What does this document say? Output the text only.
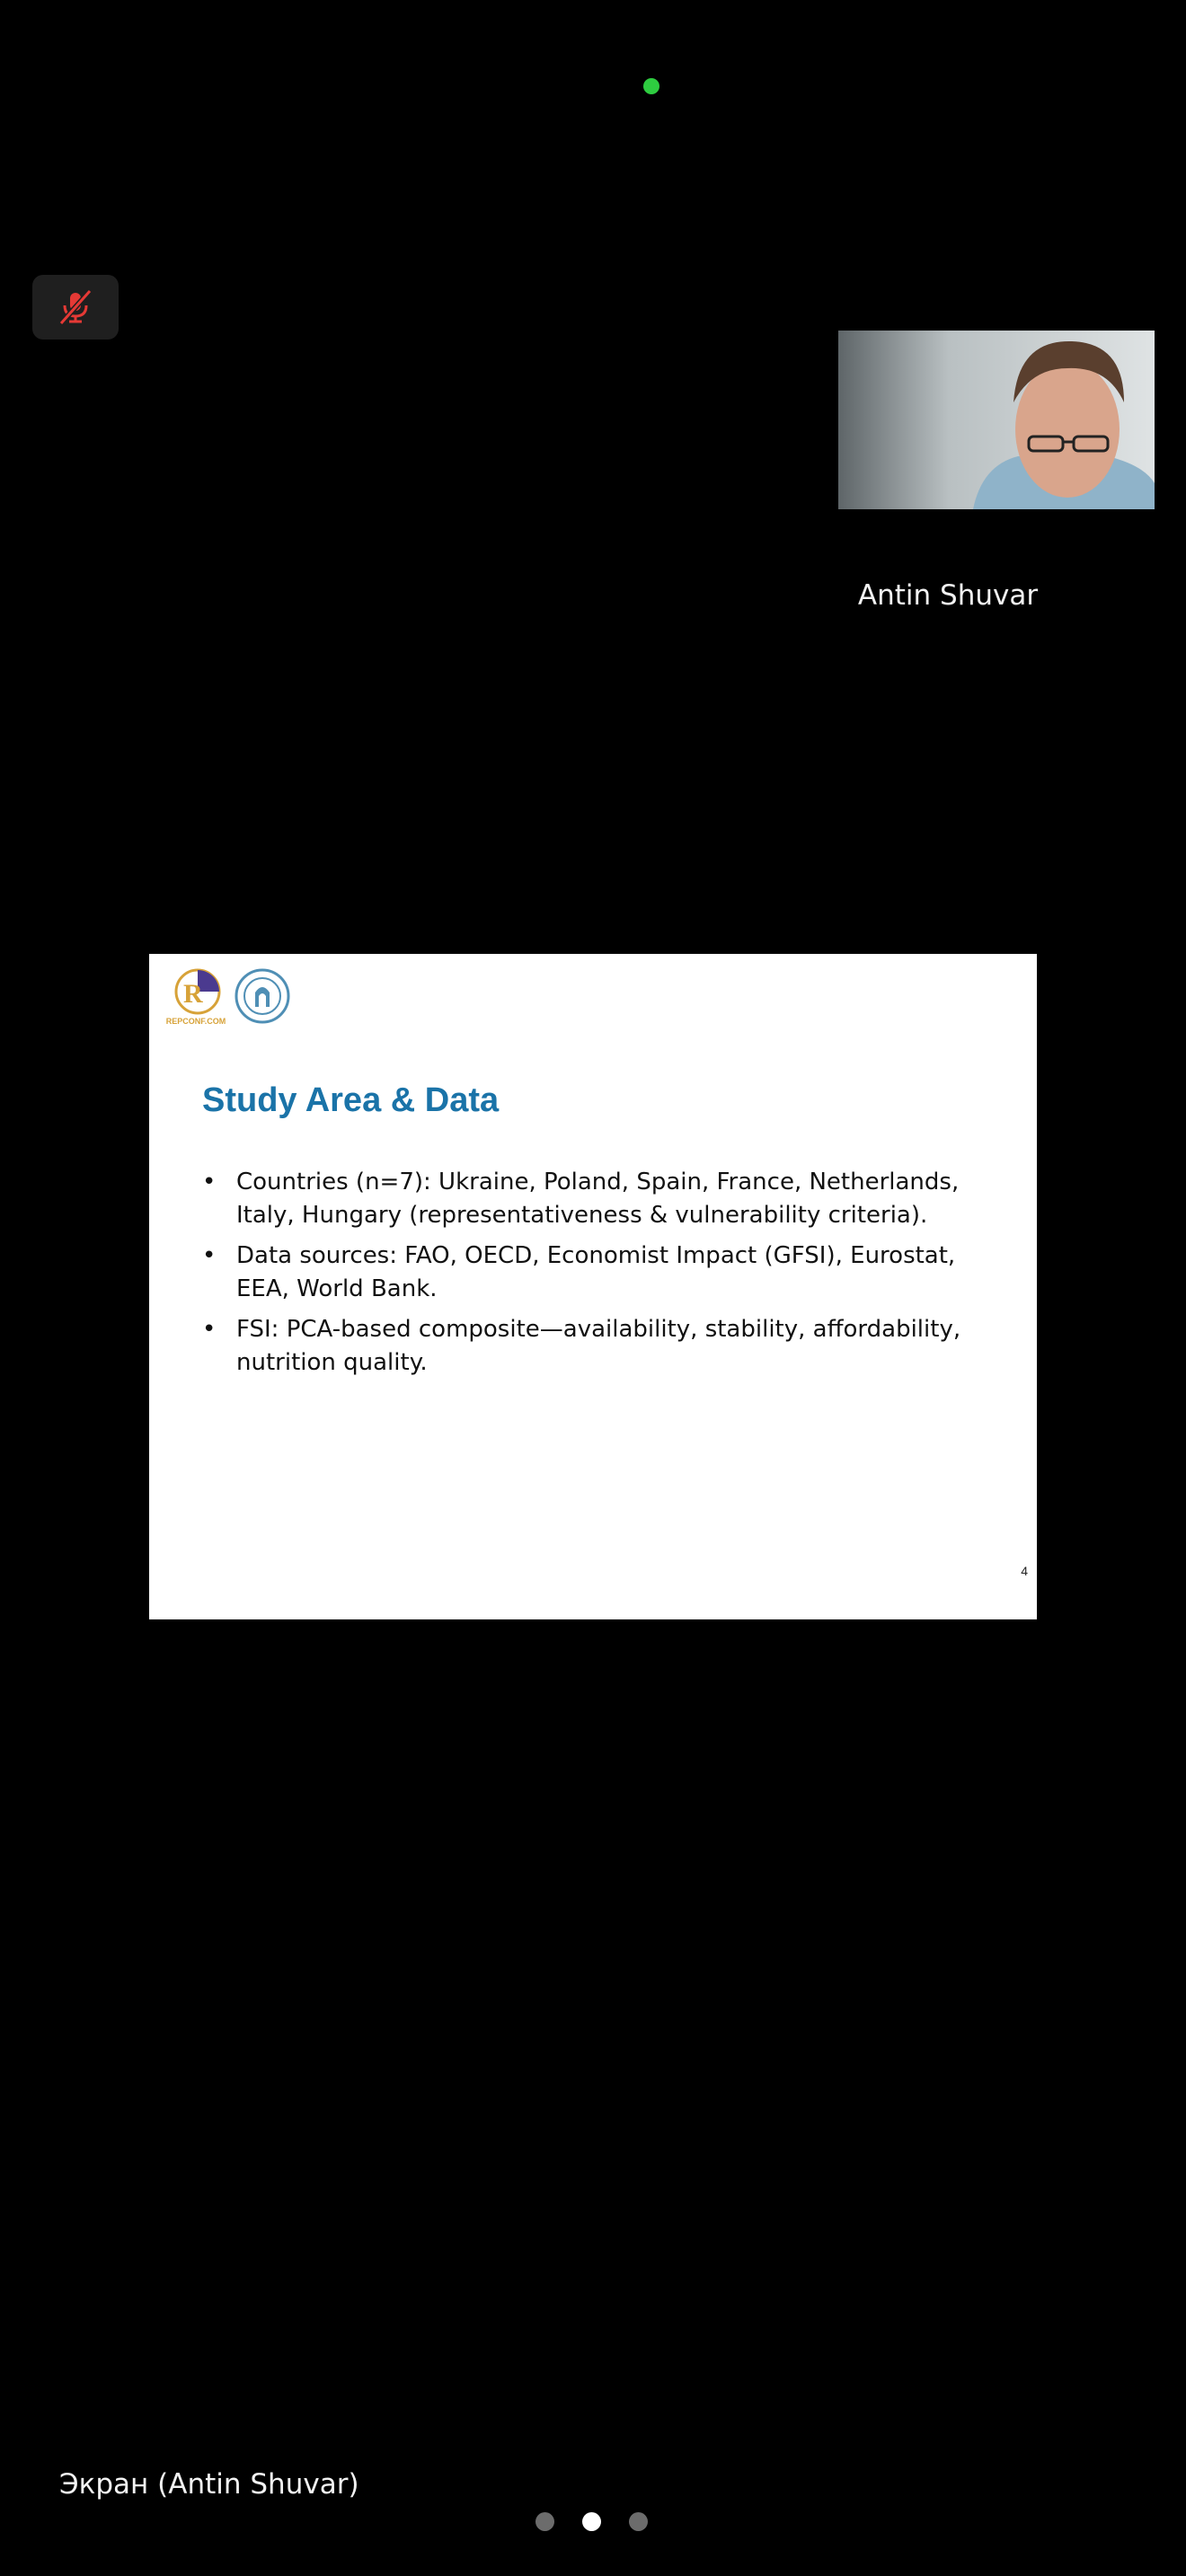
Antin Shuvar
R
REPCONF.COM
Study Area & Data
• Countries (n=7): Ukraine, Poland, Spain, France, Netherlands, Italy, Hungary (representativeness & vulnerability criteria).
• Data sources: FAO, OECD, Economist Impact (GFSI), Eurostat, EEA, World Bank.
• FSI: PCA-based composite—availability, stability, affordability, nutrition quality.
4
Экран (Antin Shuvar)
